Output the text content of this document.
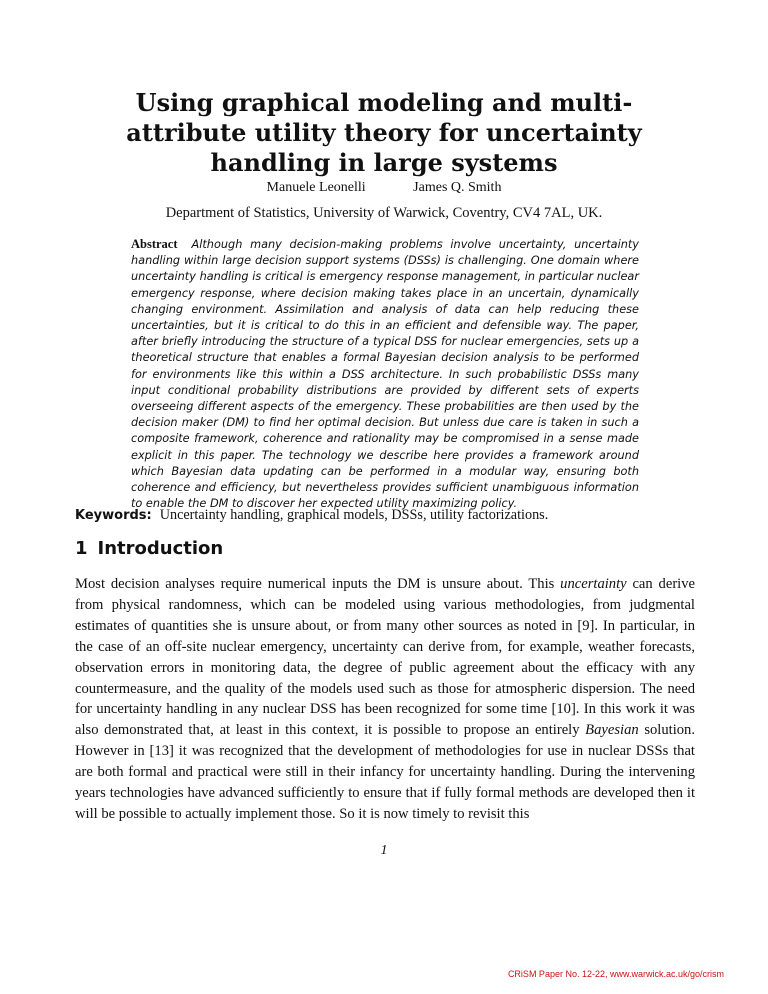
Using graphical modeling and multi-attribute utility theory for uncertainty handling in large systems
Manuele Leonelli	James Q. Smith
Department of Statistics, University of Warwick, Coventry, CV4 7AL, UK.
Abstract Although many decision-making problems involve uncertainty, uncertainty handling within large decision support systems (DSSs) is challenging. One domain where uncertainty handling is critical is emergency response management, in particular nuclear emergency response, where decision making takes place in an uncertain, dynamically changing environment. Assimilation and analysis of data can help reducing these uncertainties, but it is critical to do this in an efficient and defensible way. The paper, after briefly introducing the structure of a typical DSS for nuclear emergencies, sets up a theoretical structure that enables a formal Bayesian decision analysis to be performed for environments like this within a DSS architecture. In such probabilistic DSSs many input conditional probability distributions are provided by different sets of experts overseeing different aspects of the emergency. These probabilities are then used by the decision maker (DM) to find her optimal decision. But unless due care is taken in such a composite framework, coherence and rationality may be compromised in a sense made explicit in this paper. The technology we describe here provides a framework around which Bayesian data updating can be performed in a modular way, ensuring both coherence and efficiency, but nevertheless provides sufficient unambiguous information to enable the DM to discover her expected utility maximizing policy.
Keywords: Uncertainty handling, graphical models, DSSs, utility factorizations.
1 Introduction
Most decision analyses require numerical inputs the DM is unsure about. This uncertainty can derive from physical randomness, which can be modeled using various methodologies, from judgmental estimates of quantities she is unsure about, or from many other sources as noted in [9]. In particular, in the case of an off-site nuclear emergency, uncertainty can derive from, for example, weather forecasts, observation errors in monitoring data, the degree of public agreement about the efficacy with any countermeasure, and the quality of the models used such as those for atmospheric dispersion. The need for uncertainty handling in any nuclear DSS has been recognized for some time [10]. In this work it was also demonstrated that, at least in this context, it is possible to propose an entirely Bayesian solution. However in [13] it was recognized that the development of methodologies for use in nuclear DSSs that are both formal and practical were still in their infancy for uncertainty handling. During the intervening years technologies have advanced sufficiently to ensure that if fully formal methods are developed then it will be possible to actually implement those. So it is now timely to revisit this
1
CRiSM Paper No. 12-22, www.warwick.ac.uk/go/crism
